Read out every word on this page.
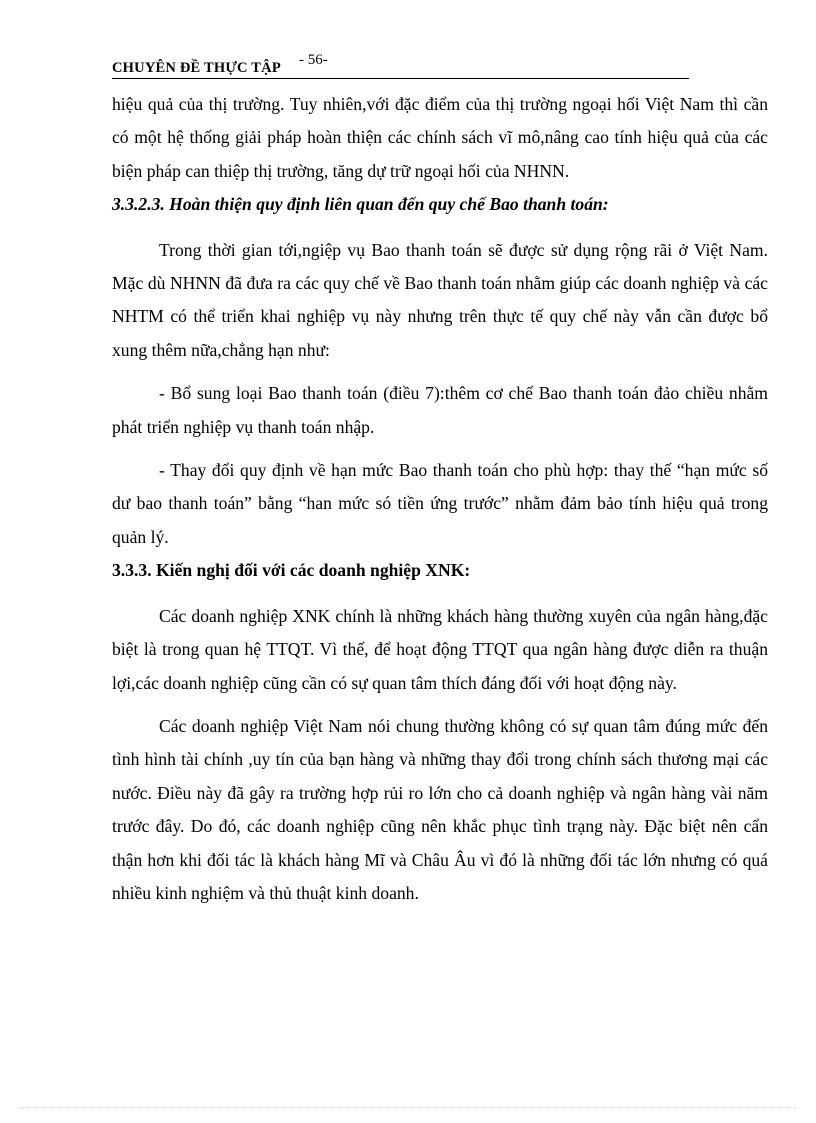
CHUYÊN ĐỀ THỰC TẬP - 56-

hiệu quả của thị trường. Tuy nhiên,với đặc điểm của thị trường ngoại hối Việt Nam thì cần có một hệ thống giải pháp hoàn thiện các chính sách vĩ mô,nâng cao tính hiệu quả của các biện pháp can thiệp thị trường, tăng dự trữ ngoại hối của NHNN.

3.3.2.3. Hoàn thiện quy định liên quan đến quy chế Bao thanh toán:

Trong thời gian tới,ngiệp vụ Bao thanh toán sẽ được sử dụng rộng rãi ở Việt Nam. Mặc dù NHNN đã đưa ra các quy chế về Bao thanh toán nhằm giúp các doanh nghiệp và các NHTM có thể triển khai nghiệp vụ này nhưng trên thực tế quy chế này vẫn cần được bổ xung thêm nữa,chẳng hạn như:

- Bổ sung loại Bao thanh toán (điều 7):thêm cơ chế Bao thanh toán đảo chiều nhằm phát triển nghiệp vụ thanh toán nhập.

- Thay đổi quy định về hạn mức Bao thanh toán cho phù hợp: thay thế “hạn mức số dư bao thanh toán” bằng “han mức só tiền ứng trước” nhằm đảm bảo tính hiệu quả trong quản lý.

3.3.3. Kiến nghị đối với các doanh nghiệp XNK:

Các doanh nghiệp XNK chính là những khách hàng thường xuyên của ngân hàng,đặc biệt là trong quan hệ TTQT. Vì thế, để hoạt động TTQT qua ngân hàng được diễn ra thuận lợi,các doanh nghiệp cũng cần có sự quan tâm thích đáng đối với hoạt động này.

Các doanh nghiệp Việt Nam nói chung thường không có sự quan tâm đúng mức đến tình hình tài chính ,uy tín của bạn hàng và những thay đổi trong chính sách thương mại các nước. Điều này đã gây ra trường hợp rủi ro lớn cho cả doanh nghiệp và ngân hàng vài năm trước đây. Do đó, các doanh nghiệp cũng nên khắc phục tình trạng này. Đặc biệt nên cẩn thận hơn khi đối tác là khách hàng Mĩ và Châu Âu vì đó là những đối tác lớn nhưng có quá nhiều kinh nghiệm và thủ thuật kinh doanh.
